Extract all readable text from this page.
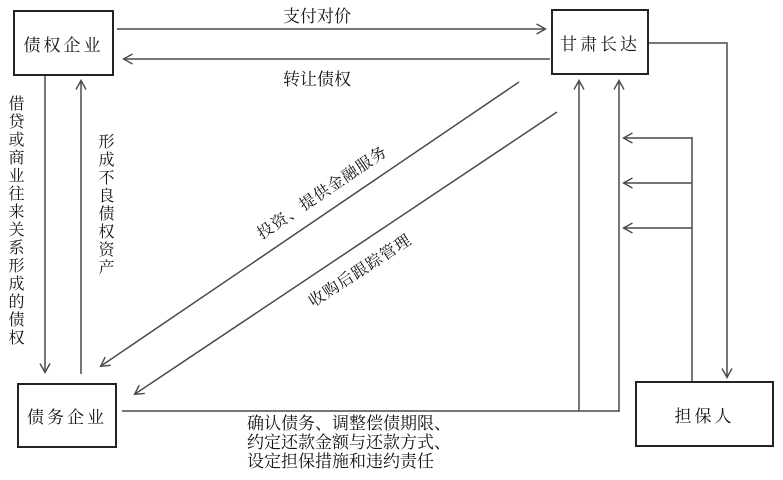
债权企业	甘肃长达
债务企业	担保人
支付对价
转让债权
借贷或商业往来关系形成的债权	形成不良债权资产	投资、提供金融服务
收购后跟踪管理
确认债务、调整偿债期限、
约定还款金额与还款方式、
设定担保措施和违约责任
